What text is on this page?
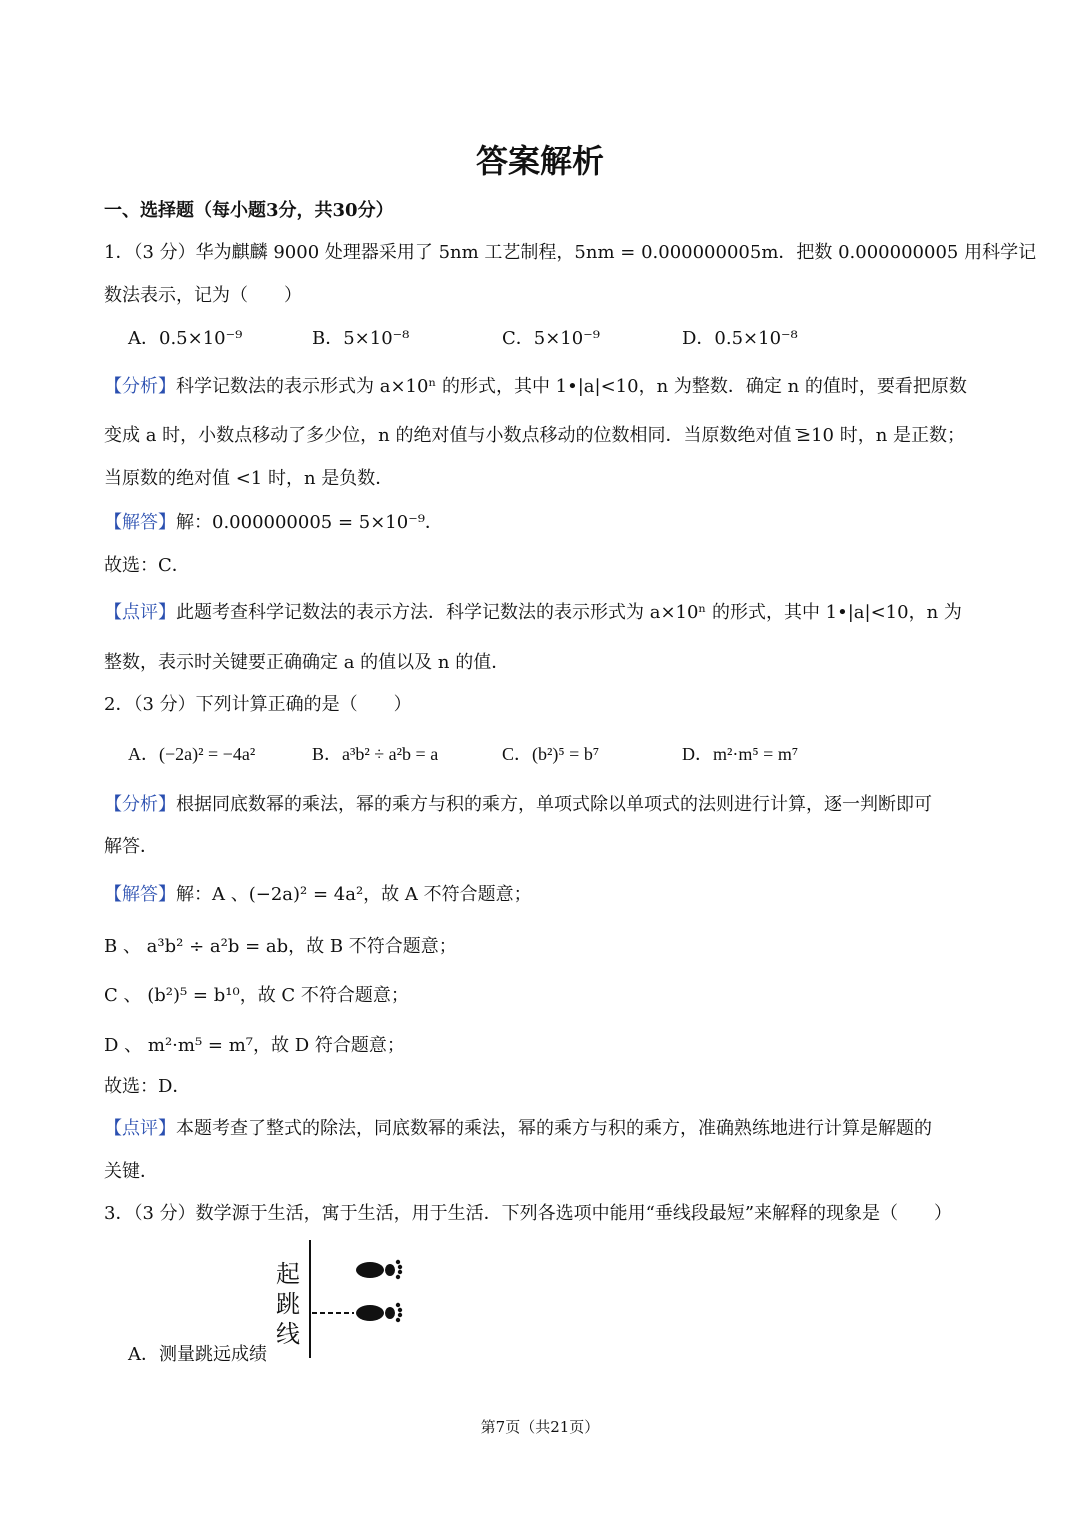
答案解析
一、选择题（每小题3分，共30分）
1．（3 分）华为麒麟 9000 处理器采用了 5nm 工艺制程，5nm = 0.000000005m．把数 0.000000005 用科学记
数法表示，记为（　　）
A．0.5×10⁻⁹	B．5×10⁻⁸	C．5×10⁻⁹	D．0.5×10⁻⁸
【分析】科学记数法的表示形式为 a×10ⁿ 的形式，其中 1•|a|<10，n 为整数．确定 n 的值时，要看把原数
变成 a 时，小数点移动了多少位，n 的绝对值与小数点移动的位数相同．当原数绝对值 ͞≥10 时，n 是正数；
当原数的绝对值 <1 时，n 是负数．
【解答】解：0.000000005 = 5×10⁻⁹．
故选：C．
【点评】此题考查科学记数法的表示方法．科学记数法的表示形式为 a×10ⁿ 的形式，其中 1•|a|<10，n 为
整数，表示时关键要正确确定 a 的值以及 n 的值．
2．（3 分）下列计算正确的是（　　）
A．(−2a)² = −4a²	B．a³b² ÷ a²b = a	C．(b²)⁵ = b⁷	D．m²·m⁵ = m⁷
【分析】根据同底数幂的乘法，幂的乘方与积的乘方，单项式除以单项式的法则进行计算，逐一判断即可
解答．
【解答】解：A 、(−2a)² = 4a²，故 A 不符合题意；
B 、 a³b² ÷ a²b = ab，故 B 不符合题意；
C 、 (b²)⁵ = b¹⁰，故 C 不符合题意；
D 、 m²·m⁵ = m⁷，故 D 符合题意；
故选：D．
【点评】本题考查了整式的除法，同底数幂的乘法，幂的乘方与积的乘方，准确熟练地进行计算是解题的
关键．
3．（3 分）数学源于生活，寓于生活，用于生活．下列各选项中能用“垂线段最短”来解释的现象是（　　）
起
跳
线
A．测量跳远成绩
第7页（共21页）
